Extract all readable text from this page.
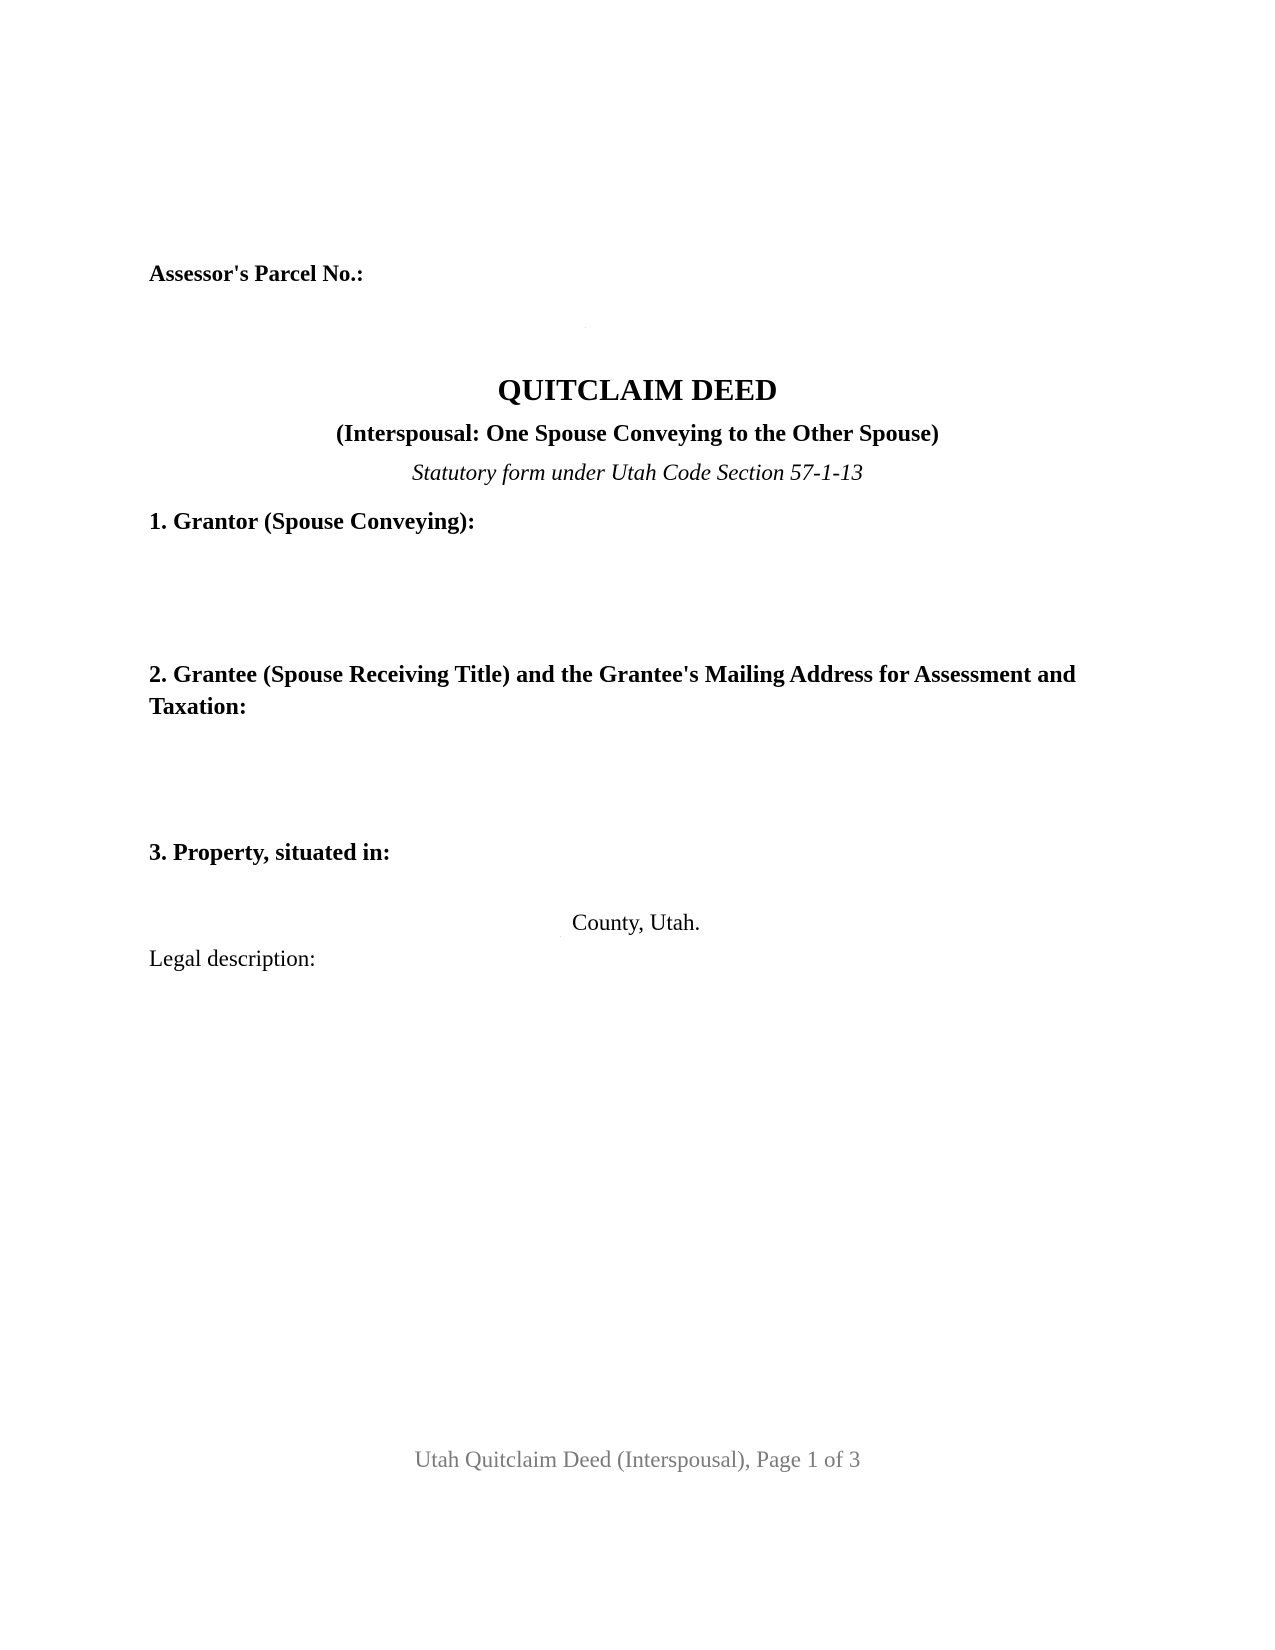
Assessor's Parcel No.:
QUITCLAIM DEED
(Interspousal: One Spouse Conveying to the Other Spouse)
Statutory form under Utah Code Section 57-1-13
1. Grantor (Spouse Conveying):
2. Grantee (Spouse Receiving Title) and the Grantee's Mailing Address for Assessment and Taxation:
3. Property, situated in:
County, Utah.
Legal description:
Utah Quitclaim Deed (Interspousal), Page 1 of 3
